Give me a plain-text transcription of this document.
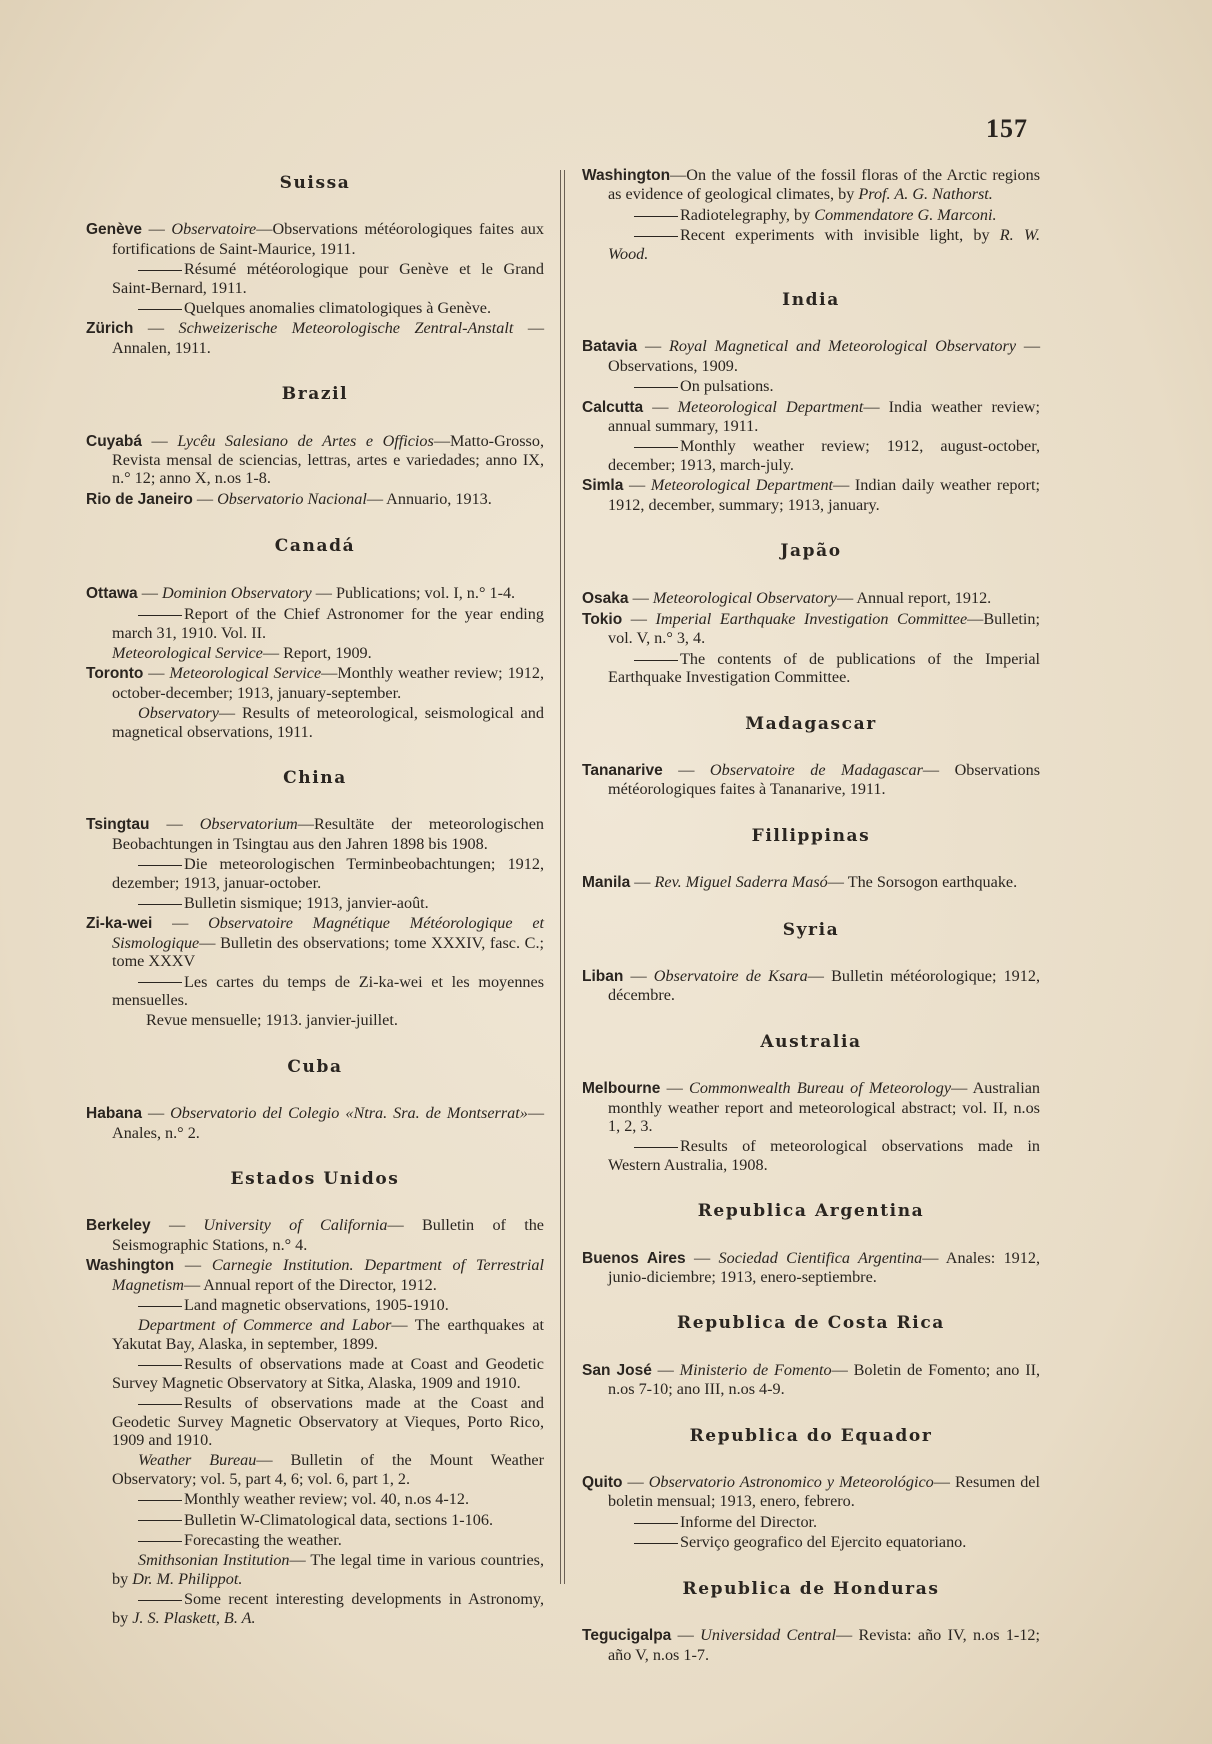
157
Suissa

Genève — Observatoire—Observations météorologiques faites aux fortifications de Saint-Maurice, 1911.

Résumé météorologique pour Genève et le Grand Saint-Bernard, 1911.

Quelques anomalies climatologiques à Genève.

Zürich — Schweizerische Meteorologische Zentral-Anstalt — Annalen, 1911.

Brazil

Cuyabá — Lycêu Salesiano de Artes e Officios—Matto-Grosso, Revista mensal de sciencias, lettras, artes e variedades; anno IX, n.° 12; anno X, n.os 1-8.

Rio de Janeiro — Observatorio Nacional— Annuario, 1913.

Canadá

Ottawa — Dominion Observatory — Publications; vol. I, n.° 1-4.

Report of the Chief Astronomer for the year ending march 31, 1910. Vol. II.

Meteorological Service— Report, 1909.

Toronto — Meteorological Service—Monthly weather review; 1912, october-december; 1913, january-september.

Observatory— Results of meteorological, seismological and magnetical observations, 1911.

China

Tsingtau — Observatorium—Resultäte der meteorologischen Beobachtungen in Tsingtau aus den Jahren 1898 bis 1908.

Die meteorologischen Terminbeobachtungen; 1912, dezember; 1913, januar-october.

Bulletin sismique; 1913, janvier-août.

Zi-ka-wei — Observatoire Magnétique Météorologique et Sismologique— Bulletin des observations; tome XXXIV, fasc. C.; tome XXXV

Les cartes du temps de Zi-ka-wei et les moyennes mensuelles.

Revue mensuelle; 1913. janvier-juillet.

Cuba

Habana — Observatorio del Colegio «Ntra. Sra. de Montserrat»— Anales, n.° 2.

Estados Unidos

Berkeley — University of California— Bulletin of the Seismographic Stations, n.° 4.

Washington — Carnegie Institution. Department of Terrestrial Magnetism— Annual report of the Director, 1912.

Land magnetic observations, 1905-1910.

Department of Commerce and Labor— The earthquakes at Yakutat Bay, Alaska, in september, 1899.

Results of observations made at Coast and Geodetic Survey Magnetic Observatory at Sitka, Alaska, 1909 and 1910.

Results of observations made at the Coast and Geodetic Survey Magnetic Observatory at Vieques, Porto Rico, 1909 and 1910.

Weather Bureau— Bulletin of the Mount Weather Observatory; vol. 5, part 4, 6; vol. 6, part 1, 2.

Monthly weather review; vol. 40, n.os 4-12.

Bulletin W-Climatological data, sections 1-106.

Forecasting the weather.

Smithsonian Institution— The legal time in various countries, by Dr. M. Philippot.

Some recent interesting developments in Astronomy, by J. S. Plaskett, B. A.

Washington—On the value of the fossil floras of the Arctic regions as evidence of geological climates, by Prof. A. G. Nathorst.

Radiotelegraphy, by Commendatore G. Marconi.

Recent experiments with invisible light, by R. W. Wood.

India

Batavia — Royal Magnetical and Meteorological Observatory — Observations, 1909.

On pulsations.

Calcutta — Meteorological Department— India weather review; annual summary, 1911.

Monthly weather review; 1912, august-october, december; 1913, march-july.

Simla — Meteorological Department— Indian daily weather report; 1912, december, summary; 1913, january.

Japão

Osaka — Meteorological Observatory— Annual report, 1912.

Tokio — Imperial Earthquake Investigation Committee—Bulletin; vol. V, n.° 3, 4.

The contents of de publications of the Imperial Earthquake Investigation Committee.

Madagascar

Tananarive — Observatoire de Madagascar— Observations météorologiques faites à Tananarive, 1911.

Fillippinas

Manila — Rev. Miguel Saderra Masó— The Sorsogon earthquake.

Syria

Liban — Observatoire de Ksara— Bulletin météorologique; 1912, décembre.

Australia

Melbourne — Commonwealth Bureau of Meteorology— Australian monthly weather report and meteorological abstract; vol. II, n.os 1, 2, 3.

Results of meteorological observations made in Western Australia, 1908.

Republica Argentina

Buenos Aires — Sociedad Cientifica Argentina— Anales: 1912, junio-diciembre; 1913, enero-septiembre.

Republica de Costa Rica

San José — Ministerio de Fomento— Boletin de Fomento; ano II, n.os 7-10; ano III, n.os 4-9.

Republica do Equador

Quito — Observatorio Astronomico y Meteorológico— Resumen del boletin mensual; 1913, enero, febrero.

Informe del Director.

Serviço geografico del Ejercito equatoriano.

Republica de Honduras

Tegucigalpa — Universidad Central— Revista: año IV, n.os 1-12; año V, n.os 1-7.
